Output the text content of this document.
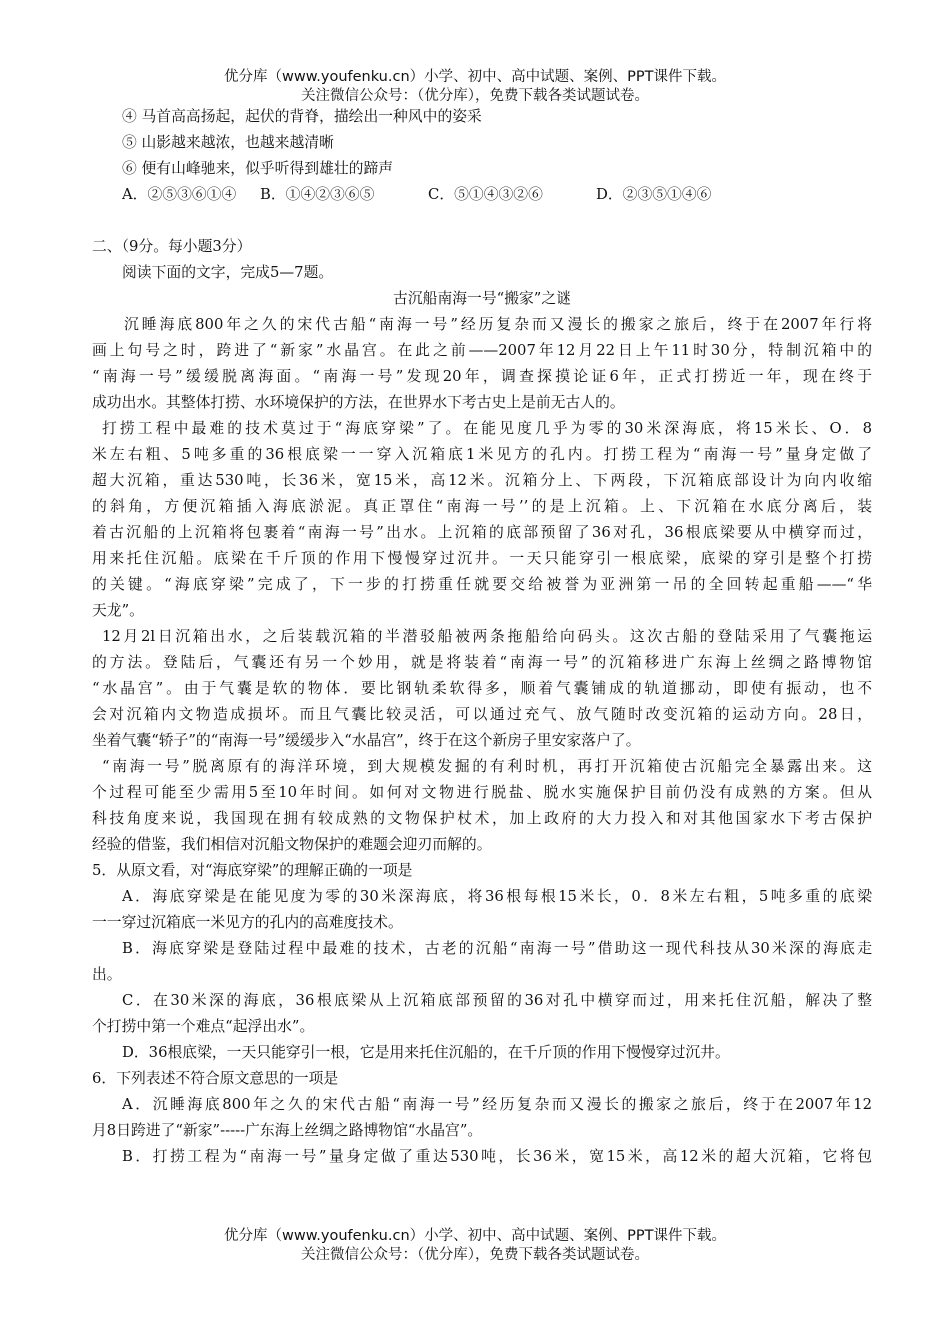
优分库（www.youfenku.cn）小学、初中、高中试题、案例、PPT课件下载。
关注微信公众号：（优分库），免费下载各类试题试卷。
④ 马首高高扬起，起伏的背脊，描绘出一种风中的姿采
⑤ 山影越来越浓，也越来越清晰
⑥ 便有山峰驰来，似乎听得到雄壮的蹄声
A．②⑤③⑥①④ B．①④②③⑥⑤	C．⑤①④③②⑥	D．②③⑤①④⑥
二、（9分。每小题3分）
阅读下面的文字，完成5—7题。
古沉船南海一号“搬家”之谜
沉睡海底800年之久的宋代古船“南海一号”经历复杂而又漫长的搬家之旅后，终于在2007年行将
画上句号之时，跨进了“新家”水晶宫。在此之前——2007年12月22日上午11时30分，特制沉箱中的
“南海一号”缓缓脱离海面。“南海一号”发现20年，调查探摸论证6年，正式打捞近一年，现在终于
成功出水。其整体打捞、水环境保护的方法，在世界水下考古史上是前无古人的。
打捞工程中最难的技术莫过于“海底穿梁”了。在能见度几乎为零的30米深海底，将15米长、O．8
米左右粗、5吨多重的36根底梁一一穿入沉箱底1米见方的孔内。打捞工程为“南海一号”量身定做了
超大沉箱，重达530吨，长36米，宽15米，高12米。沉箱分上、下两段，下沉箱底部设计为向内收缩
的斜角，方便沉箱插入海底淤泥。真正罩住“南海一号’’的是上沉箱。上、下沉箱在水底分离后，装
着古沉船的上沉箱将包裹着“南海一号”出水。上沉箱的底部预留了36对孔，36根底梁要从中横穿而过，
用来托住沉船。底梁在千斤顶的作用下慢慢穿过沉井。一天只能穿引一根底梁，底梁的穿引是整个打捞
的关键。“海底穿梁”完成了，下一步的打捞重任就要交给被誉为亚洲第一吊的全回转起重船——“华
天龙”。
12月2l日沉箱出水，之后装载沉箱的半潜驳船被两条拖船给向码头。这次古船的登陆采用了气囊拖运
的方法。登陆后，气囊还有另一个妙用，就是将装着“南海一号”的沉箱移进广东海上丝绸之路博物馆
“水晶宫”。由于气囊是软的物体．要比钢轨柔软得多，顺着气囊铺成的轨道挪动，即使有振动，也不
会对沉箱内文物造成损坏。而且气囊比较灵活，可以通过充气、放气随时改变沉箱的运动方向。28日，
坐着气囊“轿子”的“南海一号”缓缓步入“水晶宫”，终于在这个新房子里安家落户了。
“南海一号”脱离原有的海洋环境，到大规模发掘的有利时机，再打开沉箱使古沉船完全暴露出来。这
个过程可能至少需用5至10年时间。如何对文物进行脱盐、脱水实施保护目前仍没有成熟的方案。但从
科技角度来说，我国现在拥有较成熟的文物保护杖术，加上政府的大力投入和对其他国家水下考古保护
经验的借鉴，我们相信对沉船文物保护的难题会迎刃而解的。
5．从原文看，对“海底穿梁”的理解正确的一项是
A．海底穿梁是在能见度为零的30米深海底，将36根每根15米长，0．8米左右粗，5吨多重的底梁
一一穿过沉箱底一米见方的孔内的高难度技术。
B．海底穿梁是登陆过程中最难的技术，古老的沉船“南海一号”借助这一现代科技从30米深的海底走
出。
C．在30米深的海底，36根底梁从上沉箱底部预留的36对孔中横穿而过，用来托住沉船，解决了整
个打捞中第一个难点“起浮出水”。
D．36根底梁，一天只能穿引一根，它是用来托住沉船的，在千斤顶的作用下慢慢穿过沉井。
6．下列表述不符合原文意思的一项是
A．沉睡海底800年之久的宋代古船“南海一号”经历复杂而又漫长的搬家之旅后，终于在2007年12
月8日跨进了“新家”-----广东海上丝绸之路博物馆“水晶宫”。
B．打捞工程为“南海一号”量身定做了重达530吨，长36米，宽15米，高12米的超大沉箱，它将包
优分库（www.youfenku.cn）小学、初中、高中试题、案例、PPT课件下载。
关注微信公众号：（优分库），免费下载各类试题试卷。
